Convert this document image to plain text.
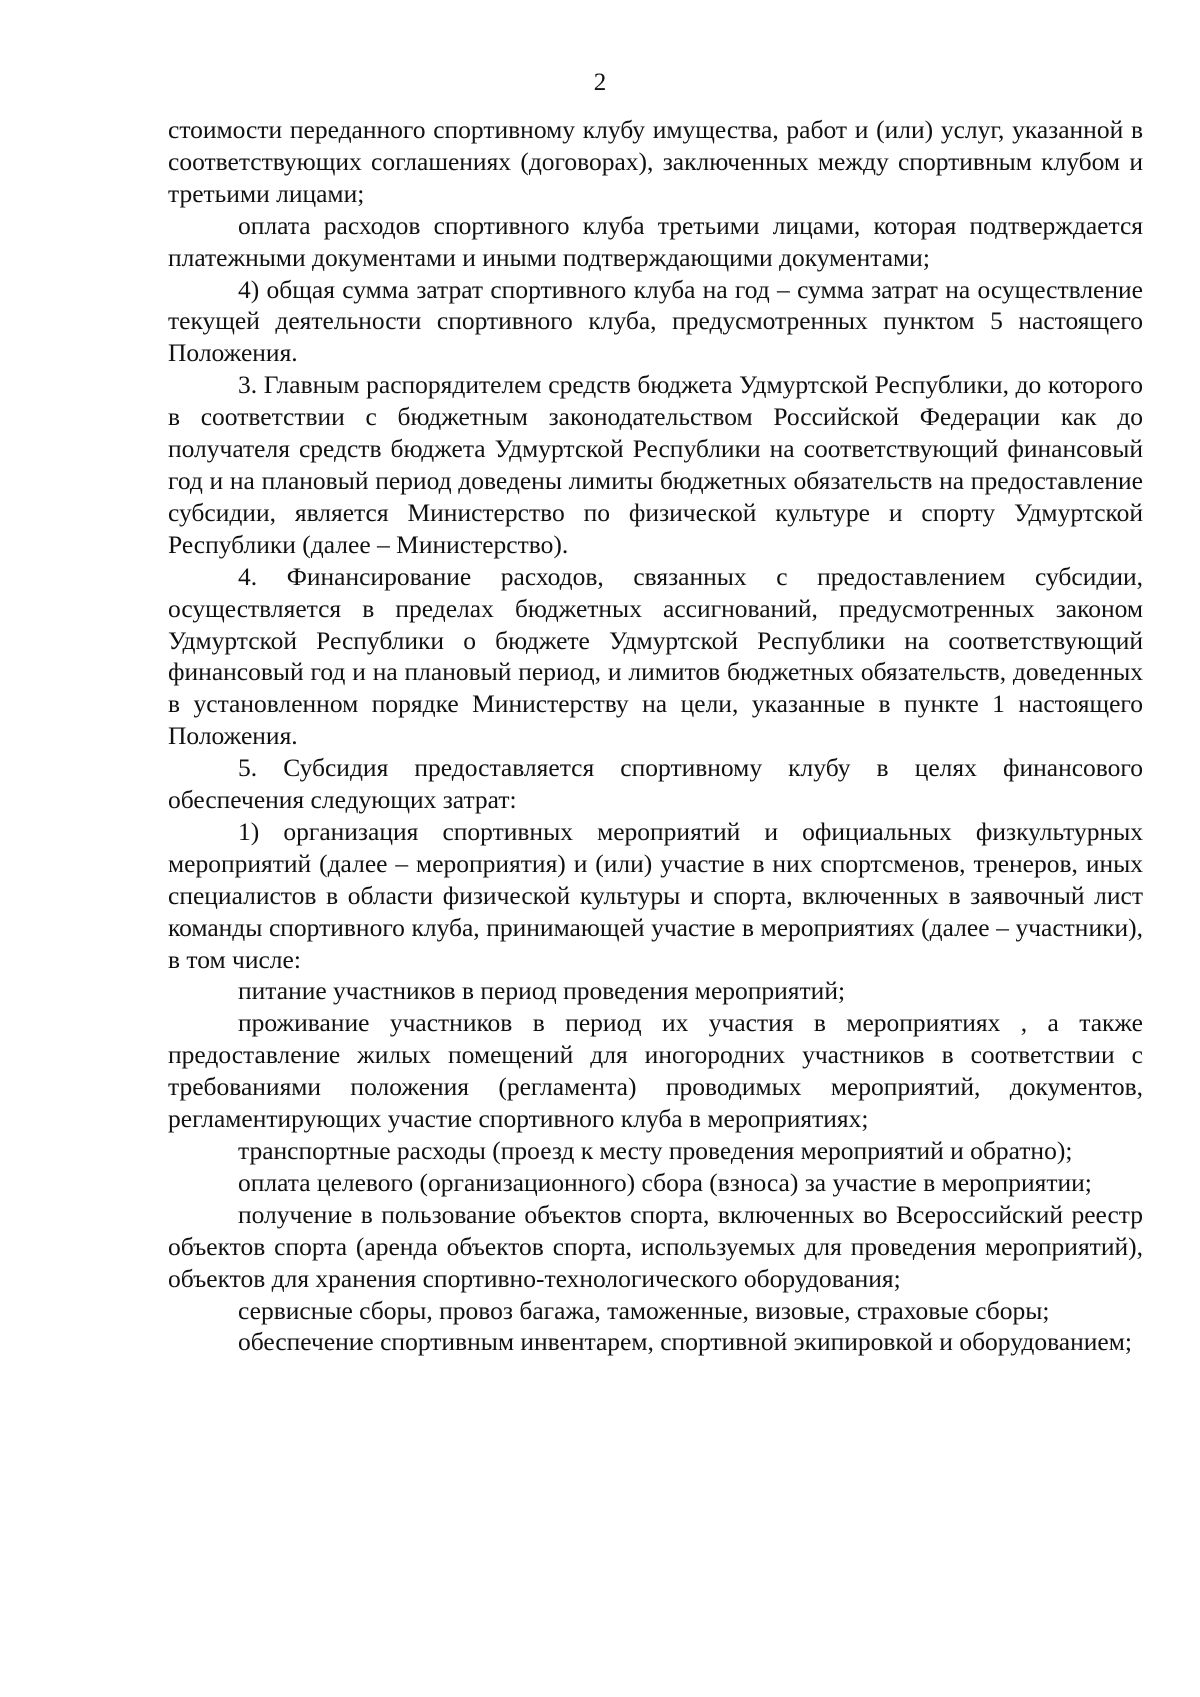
2

стоимости переданного спортивному клубу имущества, работ и (или) услуг, указанной в соответствующих соглашениях (договорах), заключенных между спортивным клубом и третьими лицами;

оплата расходов спортивного клуба третьими лицами, которая подтверждается платежными документами и иными подтверждающими документами;

4) общая сумма затрат спортивного клуба на год – сумма затрат на осуществление текущей деятельности спортивного клуба, предусмотренных пунктом 5 настоящего Положения.

3. Главным распорядителем средств бюджета Удмуртской Республики, до которого в соответствии с бюджетным законодательством Российской Федерации как до получателя средств бюджета Удмуртской Республики на соответствующий финансовый год и на плановый период доведены лимиты бюджетных обязательств на предоставление субсидии, является Министерство по физической культуре и спорту Удмуртской Республики (далее – Министерство).

4. Финансирование расходов, связанных с предоставлением субсидии, осуществляется в пределах бюджетных ассигнований, предусмотренных законом Удмуртской Республики о бюджете Удмуртской Республики на соответствующий финансовый год и на плановый период, и лимитов бюджетных обязательств, доведенных в установленном порядке Министерству на цели, указанные в пункте 1 настоящего Положения.

5. Субсидия предоставляется спортивному клубу в целях финансового обеспечения следующих затрат:

1) организация спортивных мероприятий и официальных физкультурных мероприятий (далее – мероприятия) и (или) участие в них спортсменов, тренеров, иных специалистов в области физической культуры и спорта, включенных в заявочный лист команды спортивного клуба, принимающей участие в мероприятиях (далее – участники), в том числе:

питание участников в период проведения мероприятий;

проживание участников в период их участия в мероприятиях , а также предоставление жилых помещений для иногородних участников в соответствии с требованиями положения (регламента) проводимых мероприятий, документов, регламентирующих участие спортивного клуба в мероприятиях;

транспортные расходы (проезд к месту проведения мероприятий и обратно);

оплата целевого (организационного) сбора (взноса) за участие в мероприятии;

получение в пользование объектов спорта, включенных во Всероссийский реестр объектов спорта (аренда объектов спорта, используемых для проведения мероприятий), объектов для хранения спортивно-технологического оборудования;

сервисные сборы, провоз багажа, таможенные, визовые, страховые сборы;

обеспечение спортивным инвентарем, спортивной экипировкой и оборудованием;
